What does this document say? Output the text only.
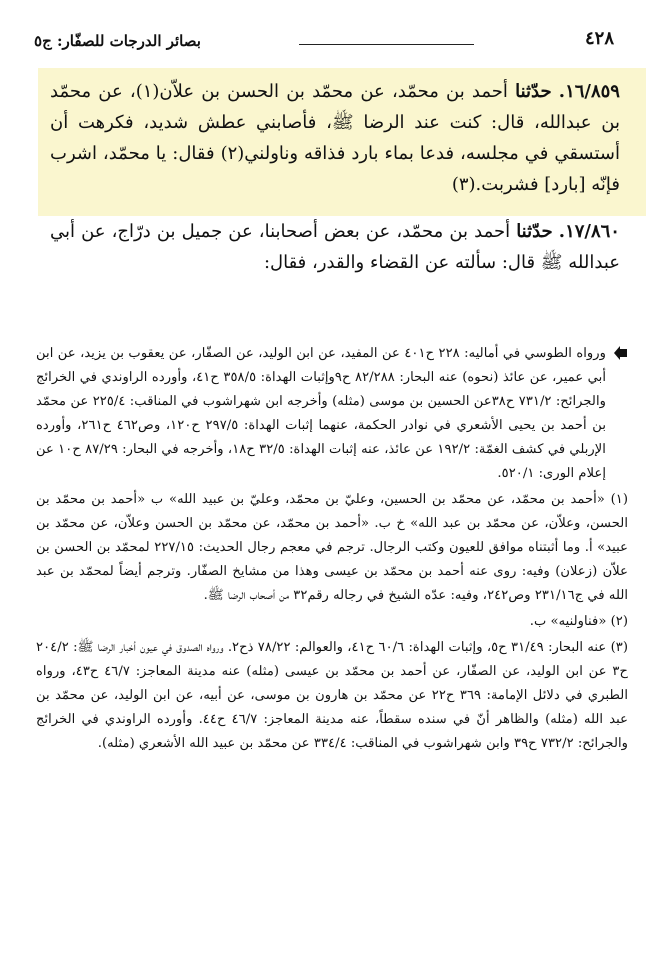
٤٢٨
بصائر الدرجات للصفّار: ج٥

١٦/٨٥٩. حدّثنا أحمد بن محمّد، عن محمّد بن الحسن بن علاّن(١)، عن محمّد بن عبدالله، قال: كنت عند الرضا ﷺ، فأصابني عطش شديد، فكرهت أن أستسقي في مجلسه، فدعا بماء بارد فذاقه وناولني(٢) فقال: يا محمّد، اشرب فإنّه [بارد] فشربت.(٣)

١٧/٨٦٠. حدّثنا أحمد بن محمّد، عن بعض أصحابنا، عن جميل بن درّاج، عن أبي عبدالله ﷺ قال: سألته عن القضاء والقدر، فقال:

ورواه الطوسي في أماليه: ٢٢٨ ح٤٠١ عن المفيد، عن ابن الوليد، عن الصفّار، عن يعقوب بن يزيد، عن ابن أبي عمير، عن عائذ (نحوه) عنه البحار: ٨٢/٢٨٨ ح٩وإثبات الهداة: ٣٥٨/٥ ح٤١، وأورده الراوندي في الخرائج والجرائح: ٧٣١/٢ ح٣٨عن الحسين بن موسى (مثله) وأخرجه ابن شهراشوب في المناقب: ٢٢٥/٤ عن محمّد بن أحمد بن يحيى الأشعري في نوادر الحكمة، عنهما إثبات الهداة: ٢٩٧/٥ ح١٢٠، وص٤٦٢ ح٢٦١، وأورده الإربلي في كشف الغمّة: ١٩٢/٢ عن عائذ، عنه إثبات الهداة: ٣٢/٥ ح١٨، وأخرجه في البحار: ٨٧/٢٩ ح١٠ عن إعلام الورى: ٥٢٠/١.

(١) «أحمد بن محمّد، عن محمّد بن الحسين، وعليّ بن محمّد، وعليّ بن عبيد الله» ب «أحمد بن محمّد بن الحسن، وعلاّن، عن محمّد بن عبد الله» خ ب. «أحمد بن محمّد، عن محمّد بن الحسن وعلاّن، عن محمّد بن عبيد» أ. وما أثبتناه موافق للعيون وكتب الرجال. ترجم في معجم رجال الحديث: ٢٢٧/١٥ لمحمّد بن الحسن بن علاّن (زعلان) وفيه: روى عنه أحمد بن محمّد بن عيسى وهذا من مشايخ الصفّار. وترجم أيضاً لمحمّد بن عبد الله في ج٢٣١/١٦ وص٢٤٢، وفيه: عدّه الشيخ في رجاله رقم٣٢ من أصحاب الرضا ﷺ.

(٢) «فناولنيه» ب.

(٣) عنه البحار: ٣١/٤٩ ح٥، وإثبات الهداة: ٦٠/٦ ح٤١، والعوالم: ٧٨/٢٢ ذح٢. ورواه الصدوق في عيون أخبار الرضا ﷺ: ٢٠٤/٢ ح٣ عن ابن الوليد، عن الصفّار، عن أحمد بن محمّد بن عيسى (مثله) عنه مدينة المعاجز: ٤٦/٧ ح٤٣، ورواه الطبري في دلائل الإمامة: ٣٦٩ ح٢٢ عن محمّد بن هارون بن موسى، عن أبيه، عن ابن الوليد، عن محمّد بن عبد الله (مثله) والظاهر أنّ في سنده سقطاً، عنه مدينة المعاجز: ٤٦/٧ ح٤٤. وأورده الراوندي في الخرائج والجرائح: ٧٣٢/٢ ح٣٩ وابن شهراشوب في المناقب: ٣٣٤/٤ عن محمّد بن عبيد الله الأشعري (مثله).
